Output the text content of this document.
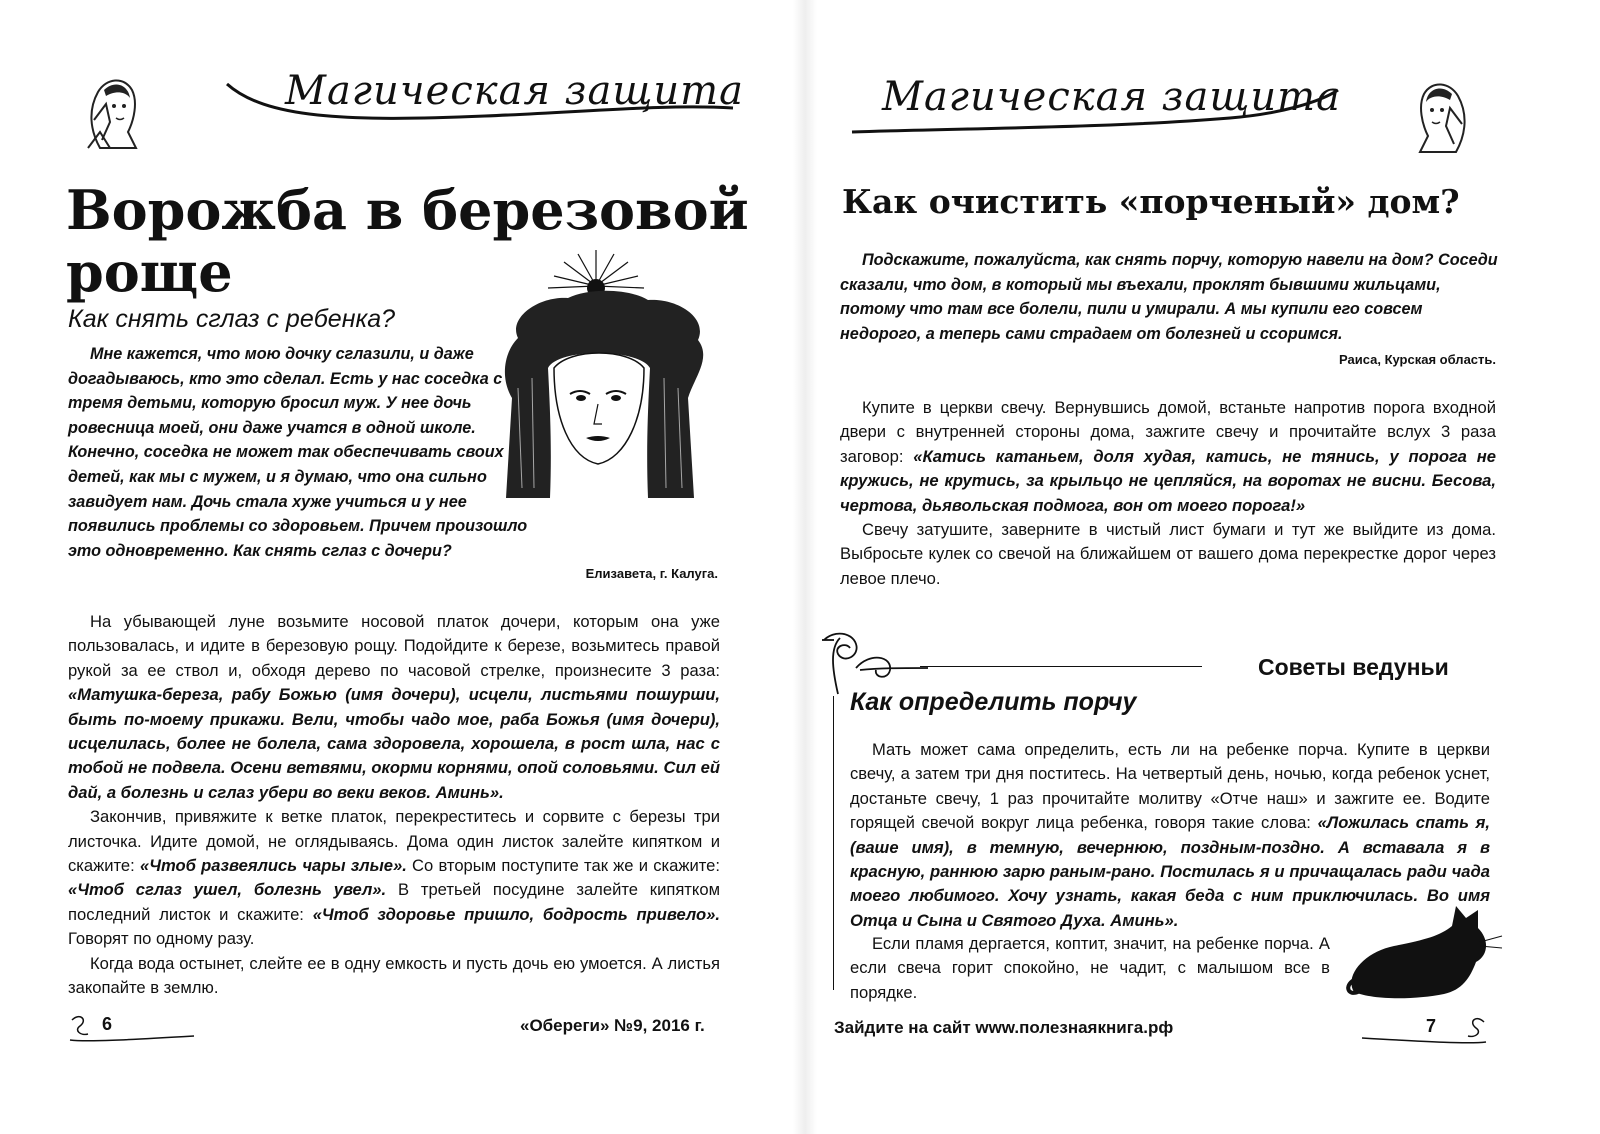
Магическая защита
Ворожба в березовой
роще
Как снять сглаз с ребенка?

Мне кажется, что мою дочку сглазили, и даже догадываюсь, кто это сделал. Есть у нас соседка с тремя детьми, которую бросил муж. У нее дочь ровесница моей, они даже учатся в одной школе. Конечно, соседка не может так обеспечивать своих детей, как мы с мужем, и я думаю, что она сильно завидует нам. Дочь стала хуже учиться и у нее появились проблемы со здоровьем. Причем произошло это одновременно. Как снять сглаз с дочери?

Елизавета, г. Калуга.

На убывающей луне возьмите носовой платок дочери, которым она уже пользовалась, и идите в березовую рощу. Подойдите к березе, возьмитесь правой рукой за ее ствол и, обходя дерево по часовой стрелке, произнесите 3 раза: «Матушка-береза, рабу Божью (имя дочери), исцели, листьями пошурши, быть по-моему прикажи. Вели, чтобы чадо мое, раба Божья (имя дочери), исцелилась, более не болела, сама здоровела, хорошела, в рост шла, нас с тобой не подвела. Осени ветвями, окорми корнями, опой соловьями. Сил ей дай, а болезнь и сглаз убери во веки веков. Аминь».

Закончив, привяжите к ветке платок, перекреститесь и сорвите с березы три листочка. Идите домой, не оглядываясь. Дома один листок залейте кипятком и скажите: «Чтоб развеялись чары злые». Со вторым поступите так же и скажите: «Чтоб сглаз ушел, болезнь увел». В третьей посудине залейте кипятком последний листок и скажите: «Чтоб здоровье пришло, бодрость привело». Говорят по одному разу.

Когда вода остынет, слейте ее в одну емкость и пусть дочь ею умоется. А листья закопайте в землю.

6	«Обереги» №9, 2016 г.
Магическая защита
Как очистить «порченый» дом?

Подскажите, пожалуйста, как снять порчу, которую навели на дом? Соседи сказали, что дом, в который мы въехали, проклят бывшими жильцами, потому что там все болели, пили и умирали. А мы купили его совсем недорого, а теперь сами страдаем от болезней и ссоримся.

Раиса, Курская область.

Купите в церкви свечу. Вернувшись домой, встаньте напротив порога входной двери с внутренней стороны дома, зажгите свечу и прочитайте вслух 3 раза заговор: «Катись катаньем, доля худая, катись, не тянись, у порога не кружись, не крутись, за крыльцо не цепляйся, на воротах не висни. Бесова, чертова, дьявольская подмога, вон от моего порога!»

Свечу затушите, заверните в чистый лист бумаги и тут же выйдите из дома. Выбросьте кулек со свечой на ближайшем от вашего дома перекрестке дорог через левое плечо.

Советы ведуньи
Как определить порчу

Мать может сама определить, есть ли на ребенке порча. Купите в церкви свечу, а затем три дня поститесь. На четвертый день, ночью, когда ребенок уснет, достаньте свечу, 1 раз прочитайте молитву «Отче наш» и зажгите ее. Водите горящей свечой вокруг лица ребенка, говоря такие слова: «Ложилась спать я, (ваше имя), в темную, вечернюю, поздным-поздно. А вставала я в красную, раннюю зарю раным-рано. Постилась я и причащалась ради чада моего любимого. Хочу узнать, какая беда с ним приключилась. Во имя Отца и Сына и Святого Духа. Аминь».

Если пламя дергается, коптит, значит, на ребенке порча. А если свеча горит спокойно, не чадит, с малышом все в порядке.

Зайдите на сайт www.полезнаякнига.рф	7
